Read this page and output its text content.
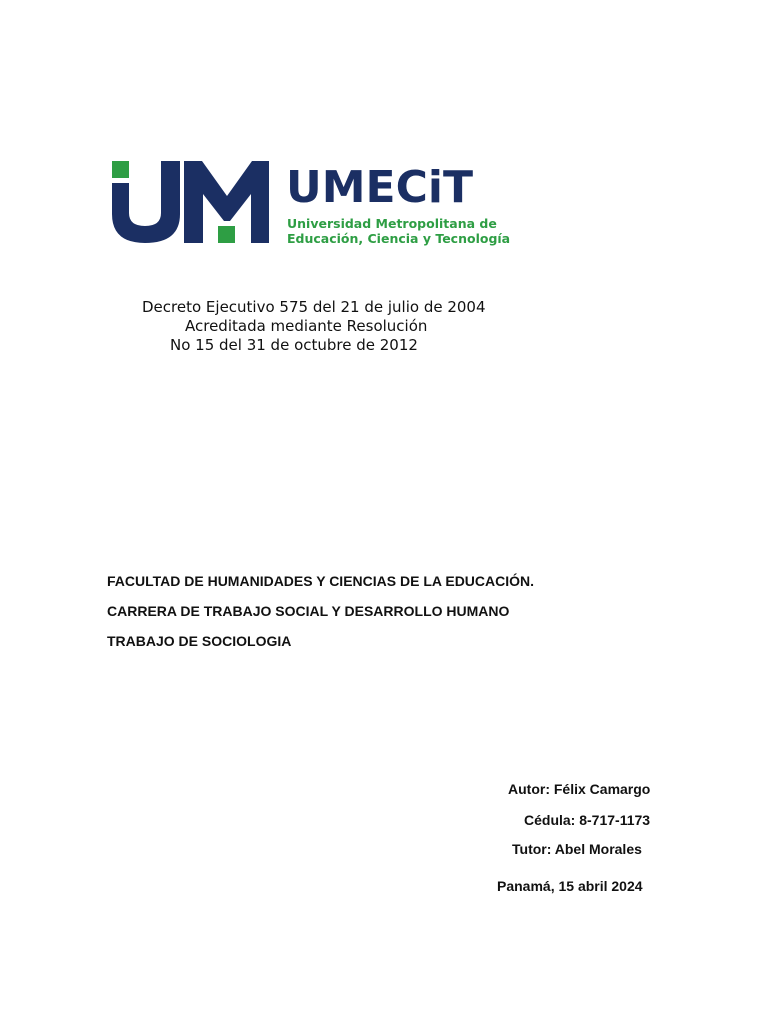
UMECiT
Universidad Metropolitana de
Educación, Ciencia y Tecnología
Decreto Ejecutivo 575 del 21 de julio de 2004
Acreditada mediante Resolución
No 15 del 31 de octubre de 2012
FACULTAD DE HUMANIDADES Y CIENCIAS DE LA EDUCACIÓN.
CARRERA DE TRABAJO SOCIAL Y DESARROLLO HUMANO
TRABAJO DE SOCIOLOGIA
Autor: Félix Camargo
Cédula: 8-717-1173
Tutor: Abel Morales
Panamá, 15 abril 2024
